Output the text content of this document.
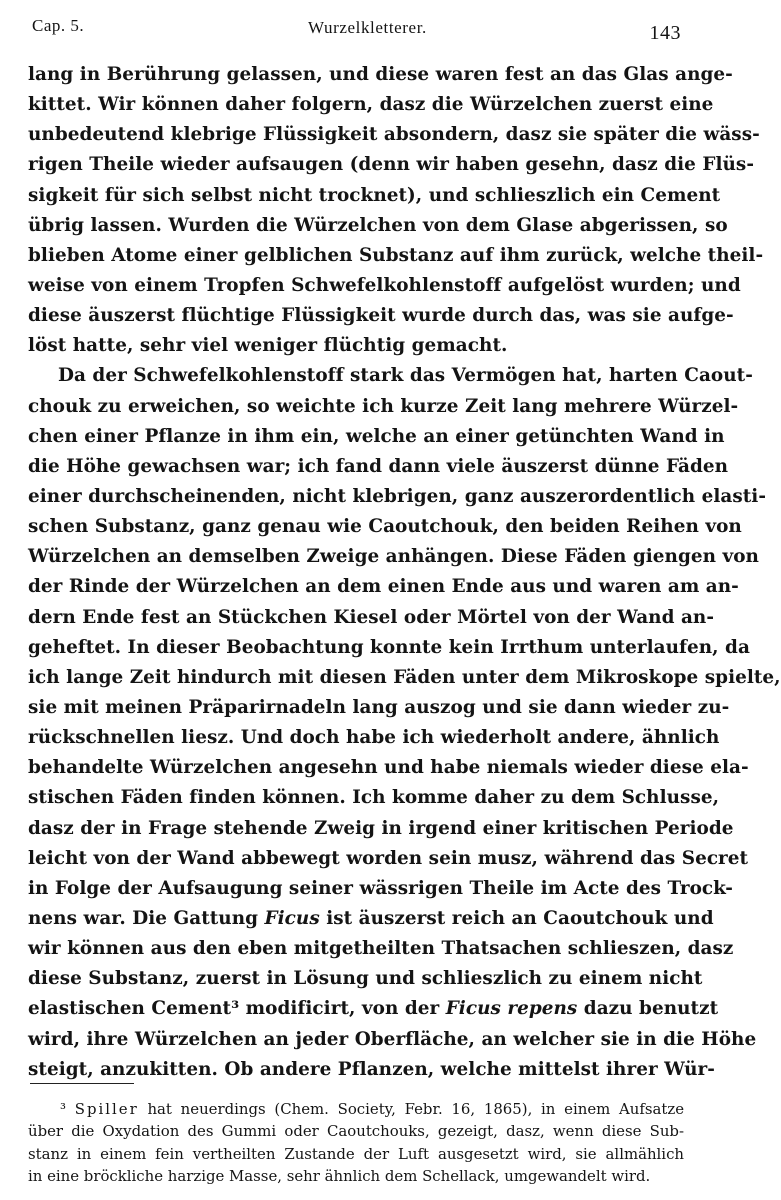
Cap. 5.	Wurzelkletterer.	143
lang in Berührung gelassen, und diese waren fest an das Glas ange-
kittet. Wir können daher folgern, dasz die Würzelchen zuerst eine
unbedeutend klebrige Flüssigkeit absondern, dasz sie später die wäss-
rigen Theile wieder aufsaugen (denn wir haben gesehn, dasz die Flüs-
sigkeit für sich selbst nicht trocknet), und schlieszlich ein Cement
übrig lassen. Wurden die Würzelchen von dem Glase abgerissen, so
blieben Atome einer gelblichen Substanz auf ihm zurück, welche theil-
weise von einem Tropfen Schwefelkohlenstoff aufgelöst wurden; und
diese äuszerst flüchtige Flüssigkeit wurde durch das, was sie aufge-
löst hatte, sehr viel weniger flüchtig gemacht.
Da der Schwefelkohlenstoff stark das Vermögen hat, harten Caout-
chouk zu erweichen, so weichte ich kurze Zeit lang mehrere Würzel-
chen einer Pflanze in ihm ein, welche an einer getünchten Wand in
die Höhe gewachsen war; ich fand dann viele äuszerst dünne Fäden
einer durchscheinenden, nicht klebrigen, ganz auszerordentlich elasti-
schen Substanz, ganz genau wie Caoutchouk, den beiden Reihen von
Würzelchen an demselben Zweige anhängen. Diese Fäden giengen von
der Rinde der Würzelchen an dem einen Ende aus und waren am an-
dern Ende fest an Stückchen Kiesel oder Mörtel von der Wand an-
geheftet. In dieser Beobachtung konnte kein Irrthum unterlaufen, da
ich lange Zeit hindurch mit diesen Fäden unter dem Mikroskope spielte,
sie mit meinen Präparirnadeln lang auszog und sie dann wieder zu-
rückschnellen liesz. Und doch habe ich wiederholt andere, ähnlich
behandelte Würzelchen angesehn und habe niemals wieder diese ela-
stischen Fäden finden können. Ich komme daher zu dem Schlusse,
dasz der in Frage stehende Zweig in irgend einer kritischen Periode
leicht von der Wand abbewegt worden sein musz, während das Secret
in Folge der Aufsaugung seiner wässrigen Theile im Acte des Trock-
nens war. Die Gattung Ficus ist äuszerst reich an Caoutchouk und
wir können aus den eben mitgetheilten Thatsachen schlieszen, dasz
diese Substanz, zuerst in Lösung und schlieszlich zu einem nicht
elastischen Cement³ modificirt, von der Ficus repens dazu benutzt
wird, ihre Würzelchen an jeder Oberfläche, an welcher sie in die Höhe
steigt, anzukitten. Ob andere Pflanzen, welche mittelst ihrer Wür-
³ Spiller hat neuerdings (Chem. Society, Febr. 16, 1865), in einem Aufsatze
über die Oxydation des Gummi oder Caoutchouks, gezeigt, dasz, wenn diese Sub-
stanz in einem fein vertheilten Zustande der Luft ausgesetzt wird, sie allmählich
in eine bröckliche harzige Masse, sehr ähnlich dem Schellack, umgewandelt wird.
